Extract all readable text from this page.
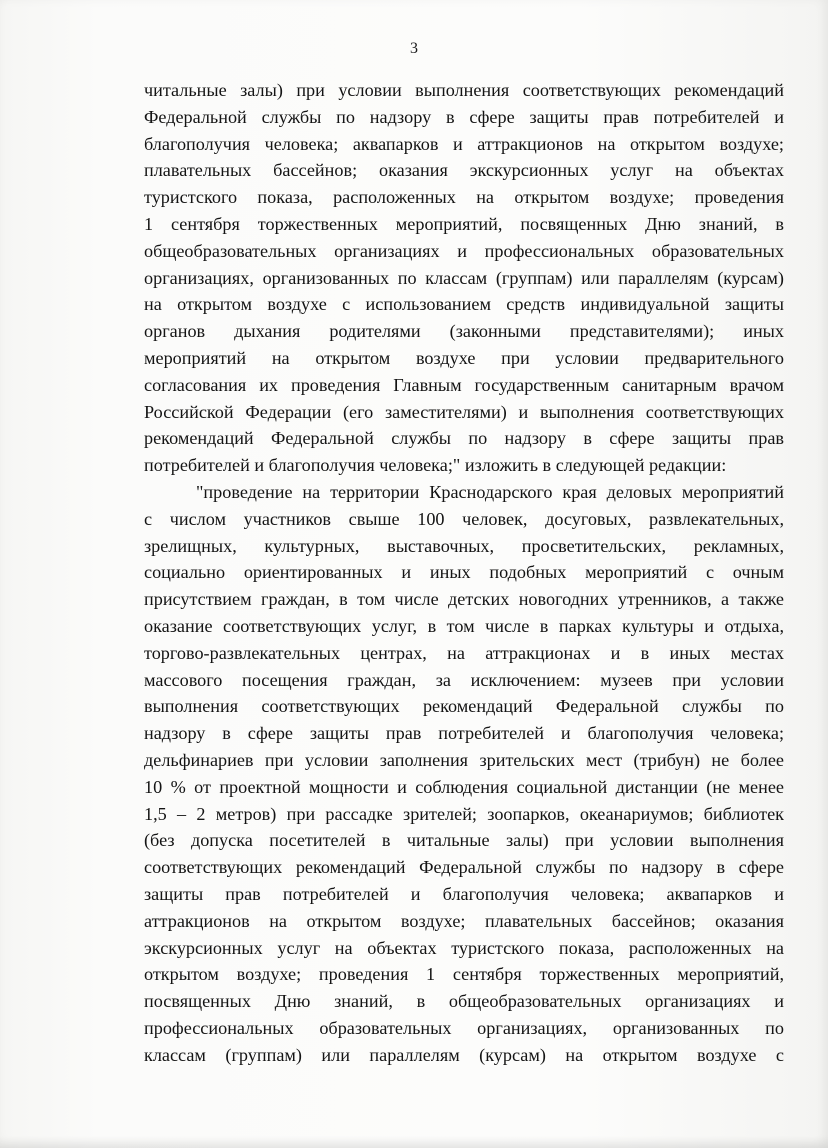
3
читальные залы) при условии выполнения соответствующих рекомендаций
Федеральной службы по надзору в сфере защиты прав потребителей и
благополучия человека; аквапарков и аттракционов на открытом воздухе;
плавательных бассейнов; оказания экскурсионных услуг на объектах
туристского показа, расположенных на открытом воздухе; проведения
1 сентября торжественных мероприятий, посвященных Дню знаний, в
общеобразовательных организациях и профессиональных образовательных
организациях, организованных по классам (группам) или параллелям (курсам)
на открытом воздухе с использованием средств индивидуальной защиты
органов дыхания родителями (законными представителями); иных
мероприятий на открытом воздухе при условии предварительного
согласования их проведения Главным государственным санитарным врачом
Российской Федерации (его заместителями) и выполнения соответствующих
рекомендаций Федеральной службы по надзору в сфере защиты прав
потребителей и благополучия человека;" изложить в следующей редакции:
"проведение на территории Краснодарского края деловых мероприятий
с числом участников свыше 100 человек, досуговых, развлекательных,
зрелищных, культурных, выставочных, просветительских, рекламных,
социально ориентированных и иных подобных мероприятий с очным
присутствием граждан, в том числе детских новогодних утренников, а также
оказание соответствующих услуг, в том числе в парках культуры и отдыха,
торгово-развлекательных центрах, на аттракционах и в иных местах
массового посещения граждан, за исключением: музеев при условии
выполнения соответствующих рекомендаций Федеральной службы по
надзору в сфере защиты прав потребителей и благополучия человека;
дельфинариев при условии заполнения зрительских мест (трибун) не более
10 % от проектной мощности и соблюдения социальной дистанции (не менее
1,5 – 2 метров) при рассадке зрителей; зоопарков, океанариумов; библиотек
(без допуска посетителей в читальные залы) при условии выполнения
соответствующих рекомендаций Федеральной службы по надзору в сфере
защиты прав потребителей и благополучия человека; аквапарков и
аттракционов на открытом воздухе; плавательных бассейнов; оказания
экскурсионных услуг на объектах туристского показа, расположенных на
открытом воздухе; проведения 1 сентября торжественных мероприятий,
посвященных Дню знаний, в общеобразовательных организациях и
профессиональных образовательных организациях, организованных по
классам (группам) или параллелям (курсам) на открытом воздухе с
